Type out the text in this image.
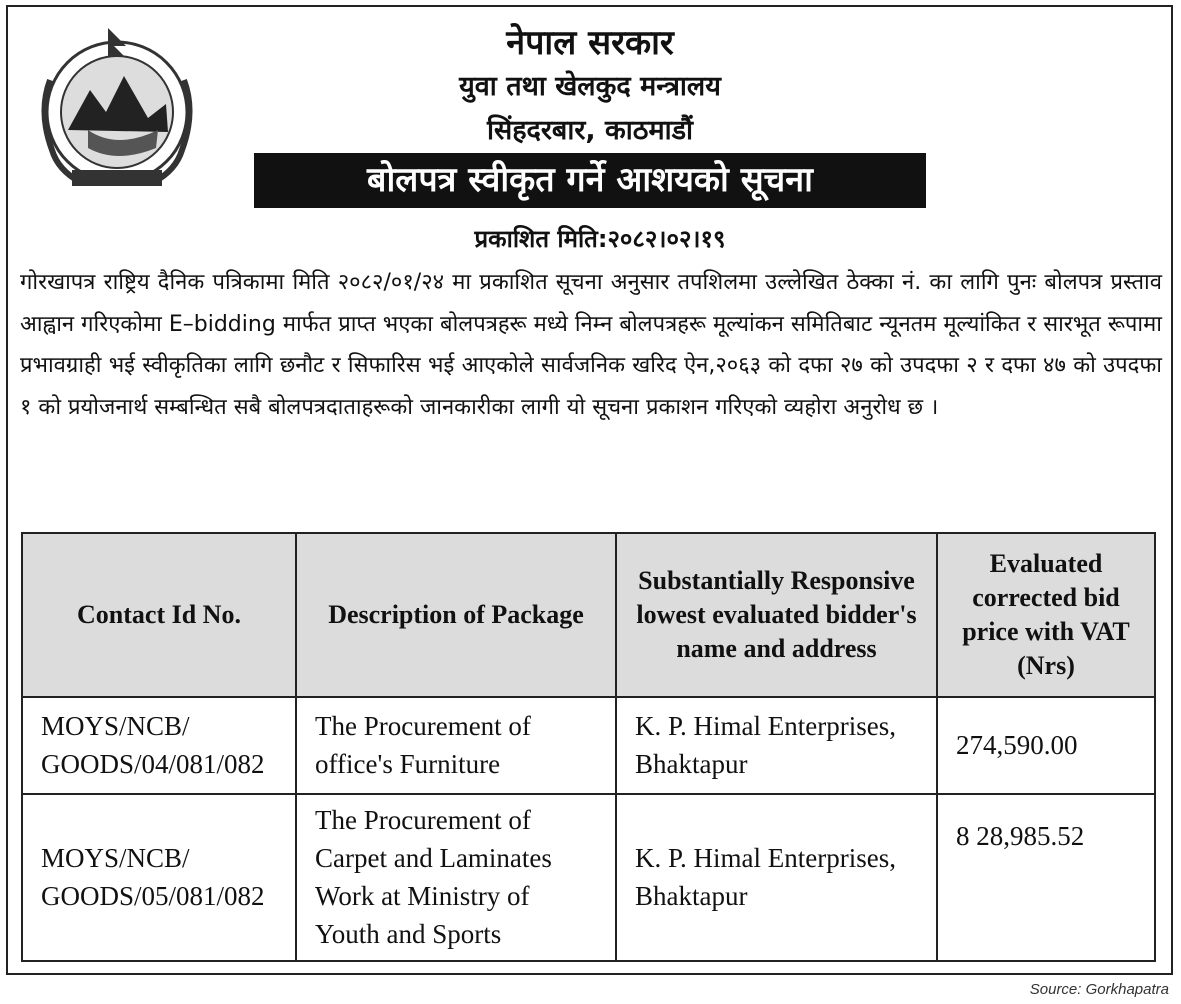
नेपाल सरकार
युवा तथा खेलकुद मन्त्रालय
सिंहदरबार, काठमाडौं
बोलपत्र स्वीकृत गर्ने आशयको सूचना
प्रकाशित मिति:२०८२।०२।१९
गोरखापत्र राष्ट्रिय दैनिक पत्रिकामा मिति २०८२/०१/२४ मा प्रकाशित सूचना अनुसार तपशिलमा उल्लेखित ठेक्का नं. का लागि पुनः बोलपत्र प्रस्ताव आह्वान गरिएकोमा E–bidding मार्फत प्राप्त भएका बोलपत्रहरू मध्ये निम्न बोलपत्रहरू मूल्यांकन समितिबाट न्यूनतम मूल्यांकित र सारभूत रूपामा प्रभावग्राही भई स्वीकृतिका लागि छनौट र सिफारिस भई आएकोले सार्वजनिक खरिद ऐन,२०६३ को दफा २७ को उपदफा २ र दफा ४७ को उपदफा १ को प्रयोजनार्थ सम्बन्धित सबै बोलपत्रदाताहरूको जानकारीका लागी यो सूचना प्रकाशन गरिएको व्यहोरा अनुरोध छ ।
Contact Id No.	Description of Package	Substantially Responsive lowest evaluated bidder's name and address	Evaluated corrected bid price with VAT (Nrs)
MOYS/NCB/ GOODS/04/081/082	The Procurement of office's Furniture	K. P. Himal Enterprises, Bhaktapur	274,590.00
MOYS/NCB/ GOODS/05/081/082	The Procurement of Carpet and Laminates Work at Ministry of Youth and Sports	K. P. Himal Enterprises, Bhaktapur	8 28,985.52
Source: Gorkhapatra
